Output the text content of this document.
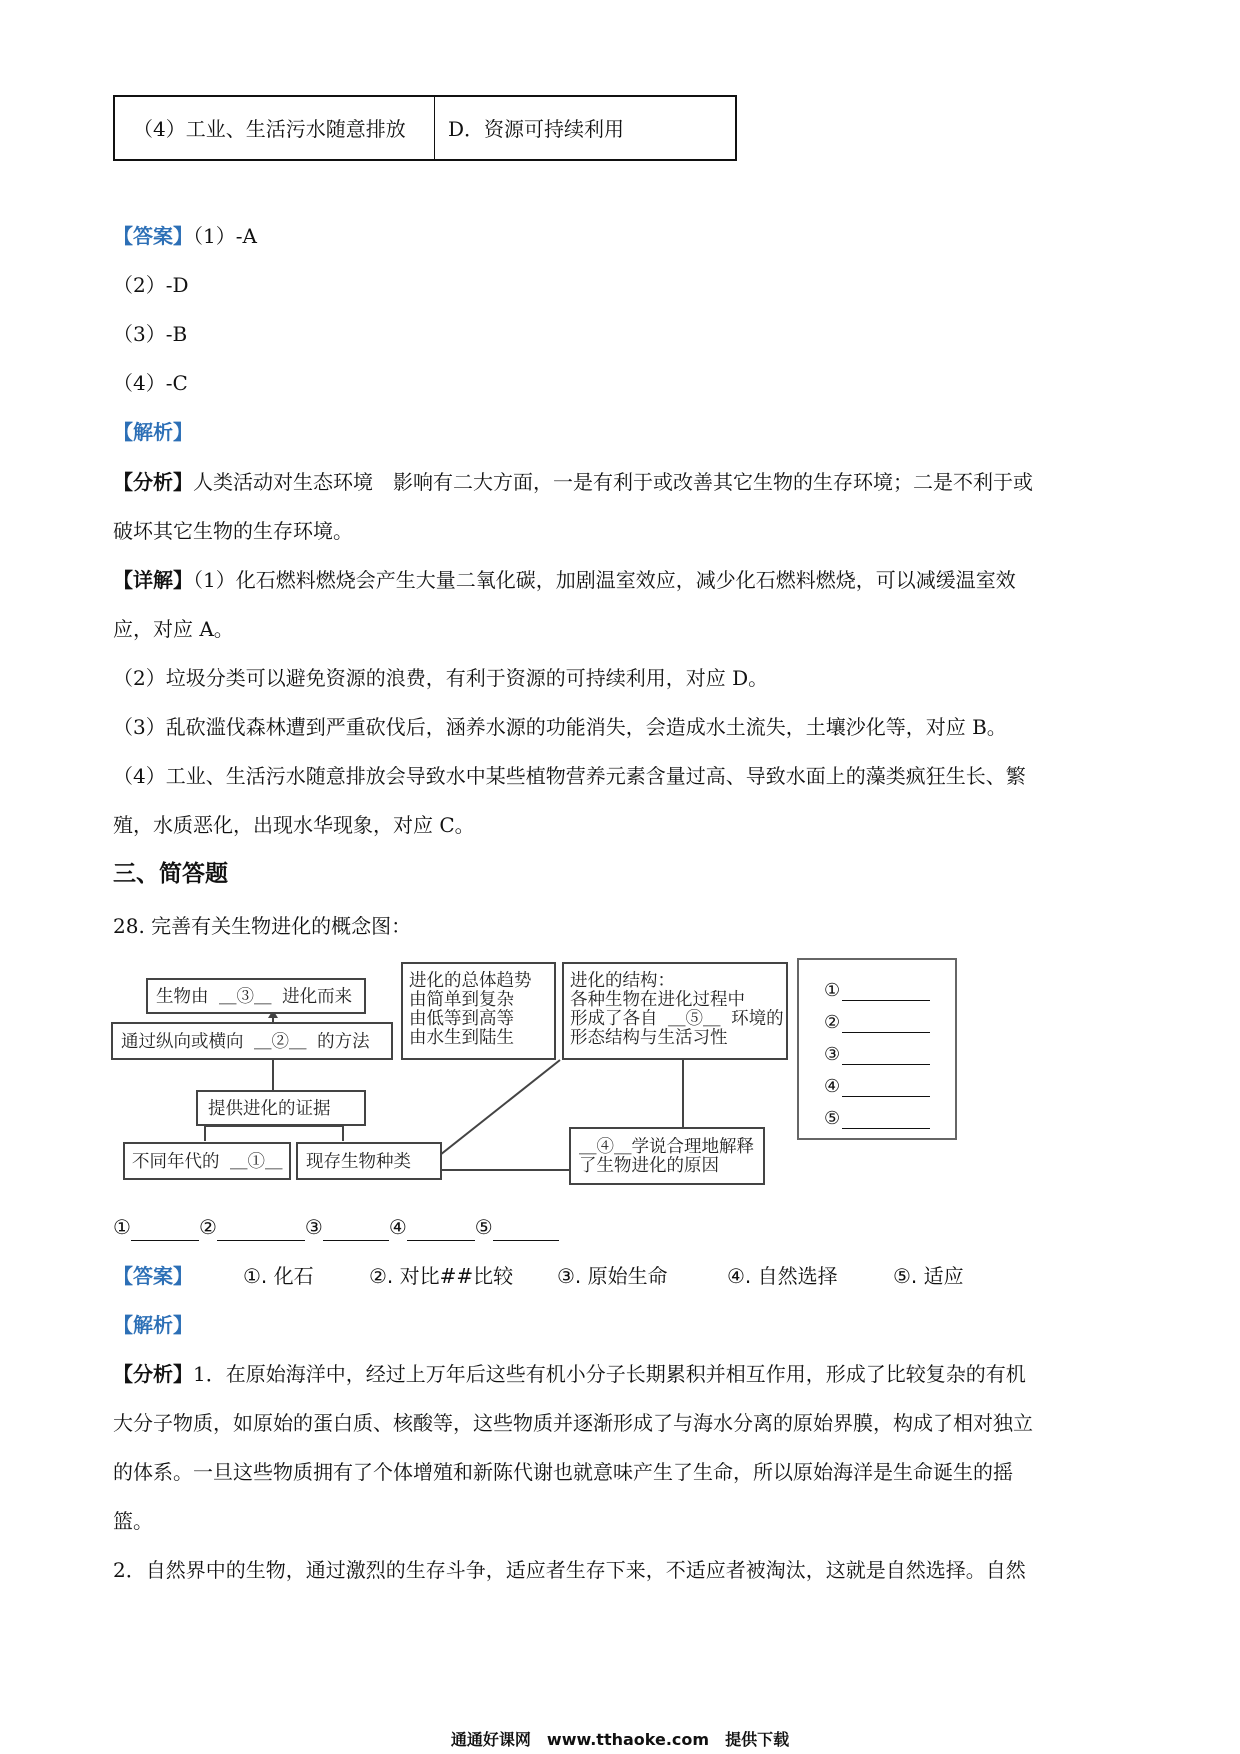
（4）工业、生活污水随意排放 D．资源可持续利用
【答案】（1）-A
（2）-D
（3）-B
（4）-C
【解析】
【分析】人类活动对生态环境　影响有二大方面，一是有利于或改善其它生物的生存环境；二是不利于或
破坏其它生物的生存环境。
【详解】（1）化石燃料燃烧会产生大量二氧化碳，加剧温室效应，减少化石燃料燃烧，可以减缓温室效
应，对应 A。
（2）垃圾分类可以避免资源的浪费，有利于资源的可持续利用，对应 D。
（3）乱砍滥伐森林遭到严重砍伐后，涵养水源的功能消失，会造成水土流失，土壤沙化等，对应 B。
（4）工业、生活污水随意排放会导致水中某些植物营养元素含量过高、导致水面上的藻类疯狂生长、繁
殖，水质恶化，出现水华现象，对应 C。
三、简答题
28. 完善有关生物进化的概念图：
生物由 ＿③＿ 进化而来
通过纵向或横向 ＿②＿ 的方法
提供进化的证据
不同年代的 ＿①＿ 现存生物种类
进化的总体趋势
由简单到复杂
由低等到高等
由水生到陆生
进化的结构：
各种生物在进化过程中
形成了各自 ＿⑤＿ 环境的
形态结构与生活习性
＿④＿学说合理地解释
了生物进化的原因
①
②
③
④
⑤
①	②	③	④	⑤
【答案】	①. 化石	②. 对比##比较 ③. 原始生命	④. 自然选择	⑤. 适应
【解析】
【分析】1．在原始海洋中，经过上万年后这些有机小分子长期累积并相互作用，形成了比较复杂的有机
大分子物质，如原始的蛋白质、核酸等，这些物质并逐渐形成了与海水分离的原始界膜，构成了相对独立
的体系。一旦这些物质拥有了个体增殖和新陈代谢也就意味产生了生命，所以原始海洋是生命诞生的摇
篮。
2．自然界中的生物，通过激烈的生存斗争，适应者生存下来，不适应者被淘汰，这就是自然选择。自然
通通好课网　www.tthaoke.com　提供下载
